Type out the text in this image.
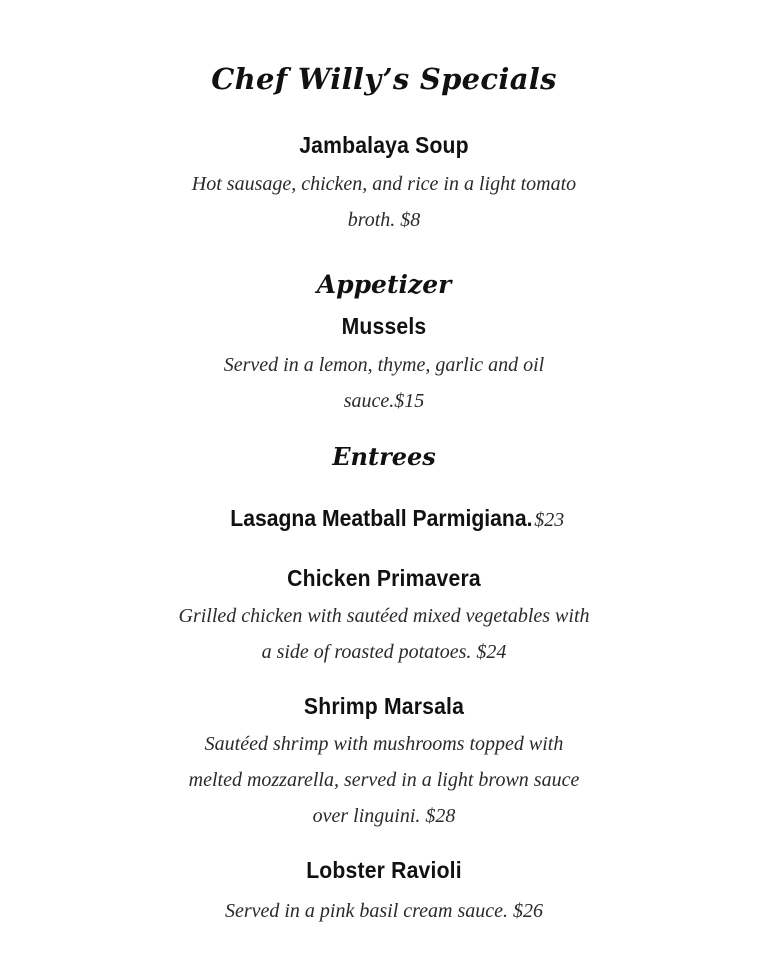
Chef Willy’s Specials
Jambalaya Soup
Hot sausage, chicken, and rice in a light tomato broth. $8
Appetizer
Mussels
Served in a lemon, thyme, garlic and oil sauce.$15
Entrees
Lasagna Meatball Parmigiana. $23
Chicken Primavera
Grilled chicken with sautéed mixed vegetables with a side of roasted potatoes. $24
Shrimp Marsala
Sautéed shrimp with mushrooms topped with melted mozzarella, served in a light brown sauce over linguini. $28
Lobster Ravioli
Served in a pink basil cream sauce. $26
